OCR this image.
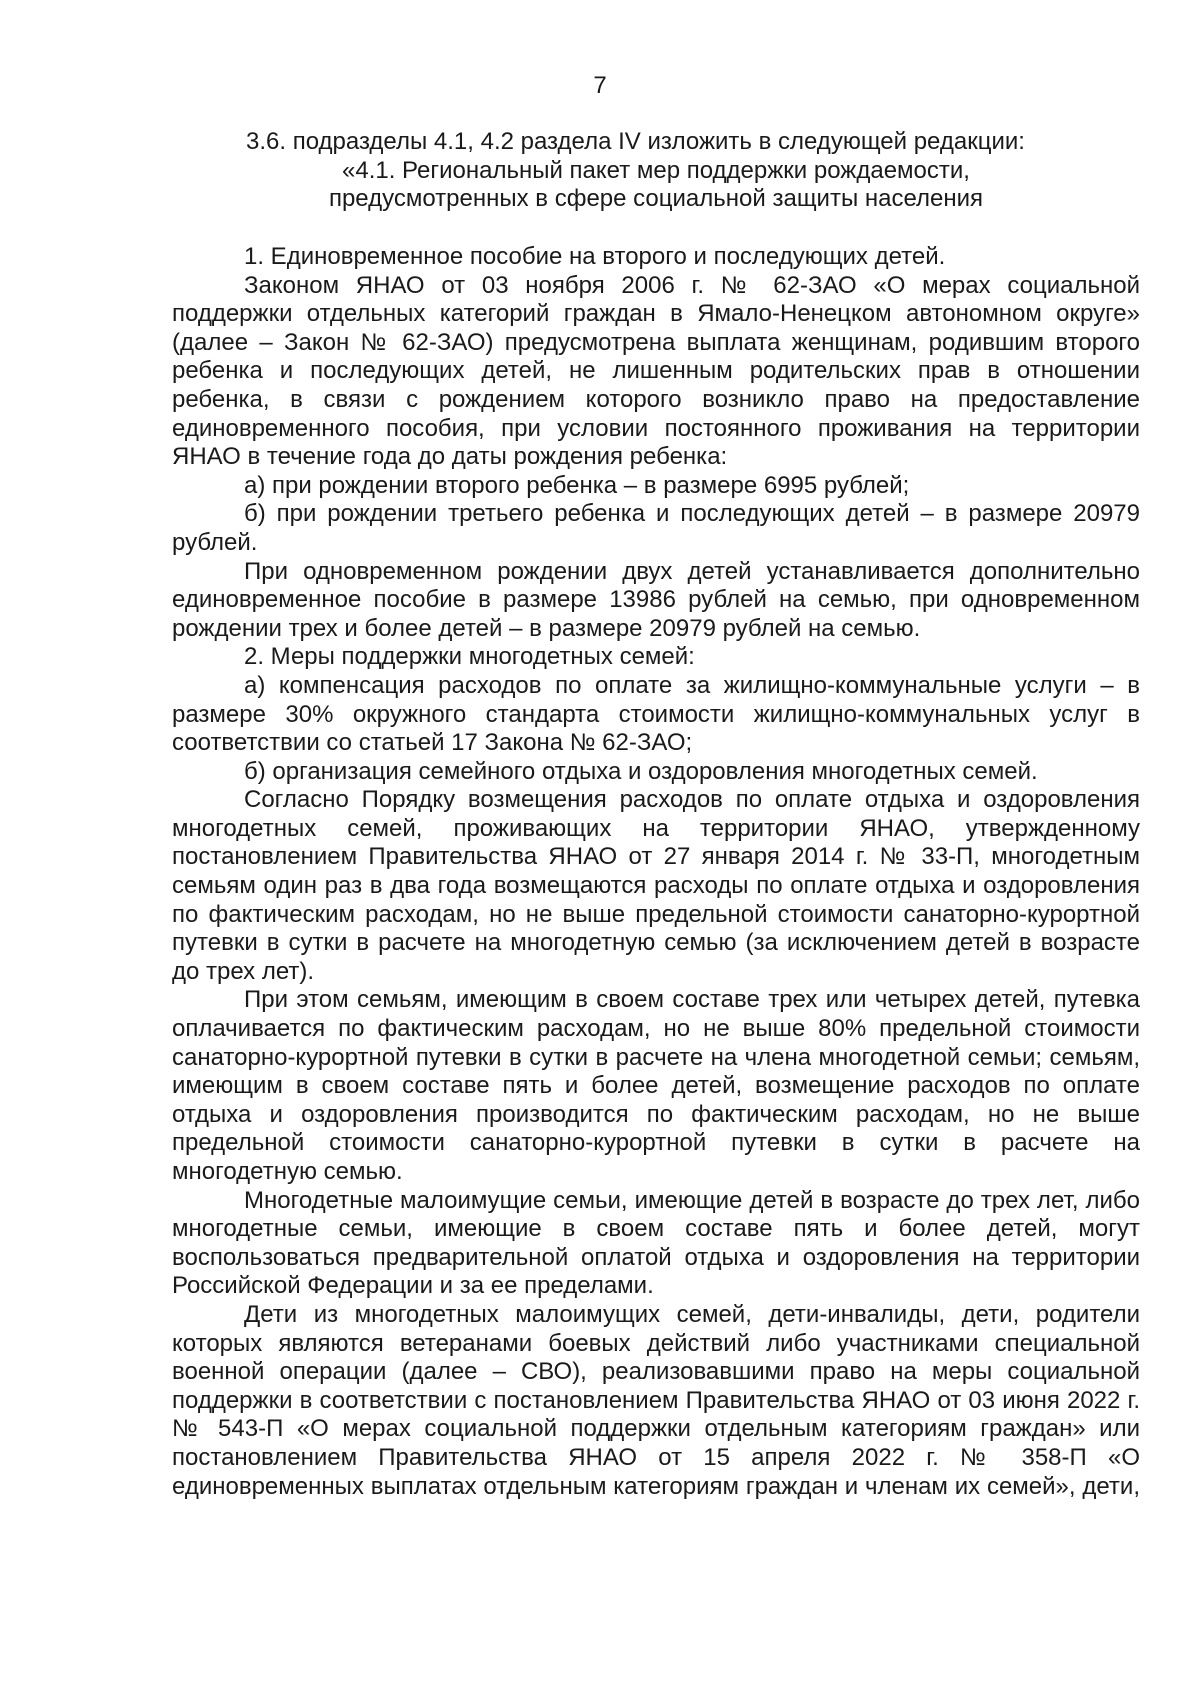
7
3.6. подразделы 4.1, 4.2 раздела IV изложить в следующей редакции:
«4.1. Региональный пакет мер поддержки рождаемости,
предусмотренных в сфере социальной защиты населения

1. Единовременное пособие на второго и последующих детей.

Законом ЯНАО от 03 ноября 2006 г. № 62-ЗАО «О мерах социальной поддержки отдельных категорий граждан в Ямало-Ненецком автономном округе» (далее – Закон № 62-ЗАО) предусмотрена выплата женщинам, родившим второго ребенка и последующих детей, не лишенным родительских прав в отношении ребенка, в связи с рождением которого возникло право на предоставление единовременного пособия, при условии постоянного проживания на территории ЯНАО в течение года до даты рождения ребенка:

а) при рождении второго ребенка – в размере 6995 рублей;

б) при рождении третьего ребенка и последующих детей – в размере 20979 рублей.

При одновременном рождении двух детей устанавливается дополнительно единовременное пособие в размере 13986 рублей на семью, при одновременном рождении трех и более детей – в размере 20979 рублей на семью.

2. Меры поддержки многодетных семей:

а) компенсация расходов по оплате за жилищно-коммунальные услуги – в размере 30% окружного стандарта стоимости жилищно-коммунальных услуг в соответствии со статьей 17 Закона № 62-ЗАО;

б) организация семейного отдыха и оздоровления многодетных семей.

Согласно Порядку возмещения расходов по оплате отдыха и оздоровления многодетных семей, проживающих на территории ЯНАО, утвержденному постановлением Правительства ЯНАО от 27 января 2014 г. № 33-П, многодетным семьям один раз в два года возмещаются расходы по оплате отдыха и оздоровления по фактическим расходам, но не выше предельной стоимости санаторно-курортной путевки в сутки в расчете на многодетную семью (за исключением детей в возрасте до трех лет).

При этом семьям, имеющим в своем составе трех или четырех детей, путевка оплачивается по фактическим расходам, но не выше 80% предельной стоимости санаторно-курортной путевки в сутки в расчете на члена многодетной семьи; семьям, имеющим в своем составе пять и более детей, возмещение расходов по оплате отдыха и оздоровления производится по фактическим расходам, но не выше предельной стоимости санаторно-курортной путевки в сутки в расчете на многодетную семью.

Многодетные малоимущие семьи, имеющие детей в возрасте до трех лет, либо многодетные семьи, имеющие в своем составе пять и более детей, могут воспользоваться предварительной оплатой отдыха и оздоровления на территории Российской Федерации и за ее пределами.

Дети из многодетных малоимущих семей, дети-инвалиды, дети, родители которых являются ветеранами боевых действий либо участниками специальной военной операции (далее – СВО), реализовавшими право на меры социальной поддержки в соответствии с постановлением Правительства ЯНАО от 03 июня 2022 г. № 543-П «О мерах социальной поддержки отдельным категориям граждан» или постановлением Правительства ЯНАО от 15 апреля 2022 г. № 358-П «О единовременных выплатах отдельным категориям граждан и членам их семей», дети,
